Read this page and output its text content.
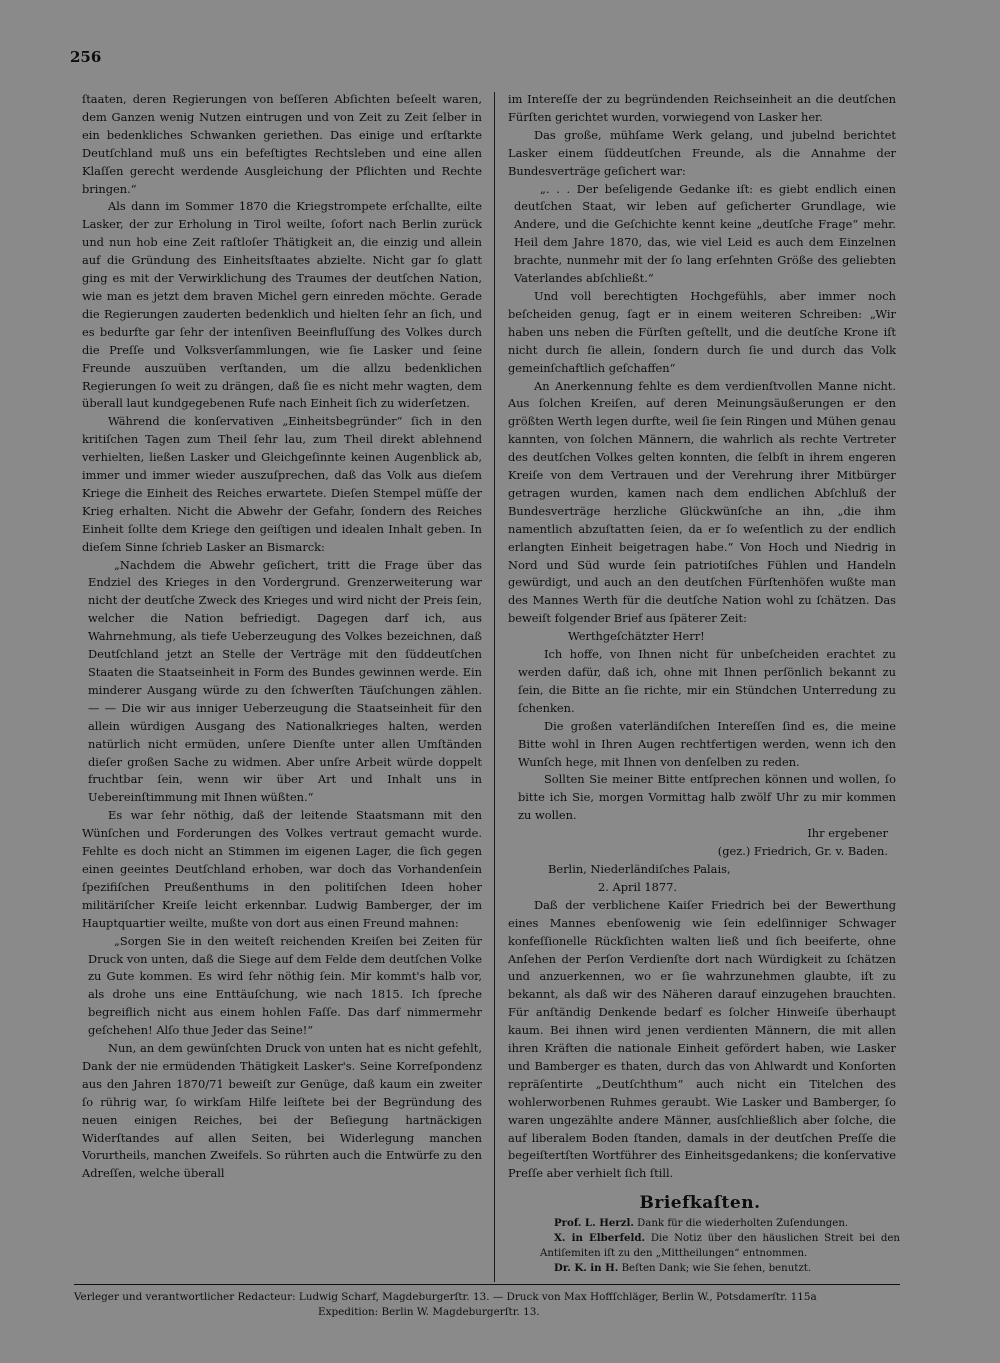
256

ſtaaten, deren Regierungen von beſſeren Abſichten beſeelt waren, dem Ganzen wenig Nutzen eintrugen und von Zeit zu Zeit ſelber in ein bedenkliches Schwanken geriethen. Das einige und erſtarkte Deutſchland muß uns ein befeſtigtes Rechtsleben und eine allen Klaſſen gerecht werdende Ausgleichung der Pflichten und Rechte bringen.“

Als dann im Sommer 1870 die Kriegstrompete erſchallte, eilte Lasker, der zur Erholung in Tirol weilte, ſofort nach Berlin zurück und nun hob eine Zeit raſtloſer Thätigkeit an, die einzig und allein auf die Gründung des Einheitsſtaates abzielte. Nicht gar ſo glatt ging es mit der Verwirklichung des Traumes der deutſchen Nation, wie man es jetzt dem braven Michel gern einreden möchte. Gerade die Regierungen zauderten bedenklich und hielten ſehr an ſich, und es bedurfte gar ſehr der intenſiven Beeinfluſſung des Volkes durch die Preſſe und Volksverſammlungen, wie ſie Lasker und ſeine Freunde auszuüben verſtanden, um die allzu bedenklichen Regierungen ſo weit zu drängen, daß ſie es nicht mehr wagten, dem überall laut kundgegebenen Rufe nach Einheit ſich zu widerſetzen.

Während die konſervativen „Einheitsbegründer“ ſich in den kritiſchen Tagen zum Theil ſehr lau, zum Theil direkt ablehnend verhielten, ließen Lasker und Gleichgeſinnte keinen Augenblick ab, immer und immer wieder auszuſprechen, daß das Volk aus dieſem Kriege die Einheit des Reiches erwartete. Dieſen Stempel müſſe der Krieg erhalten. Nicht die Abwehr der Gefahr, ſondern des Reiches Einheit ſollte dem Kriege den geiſtigen und idealen Inhalt geben. In dieſem Sinne ſchrieb Lasker an Bismarck:

„Nachdem die Abwehr geſichert, tritt die Frage über das Endziel des Krieges in den Vordergrund. Grenzerweiterung war nicht der deutſche Zweck des Krieges und wird nicht der Preis ſein, welcher die Nation befriedigt. Dagegen darf ich, aus Wahrnehmung, als tiefe Ueberzeugung des Volkes bezeichnen, daß Deutſchland jetzt an Stelle der Verträge mit den ſüddeutſchen Staaten die Staatseinheit in Form des Bundes gewinnen werde. Ein minderer Ausgang würde zu den ſchwerſten Täuſchungen zählen. — — Die wir aus inniger Ueberzeugung die Staatseinheit für den allein würdigen Ausgang des Nationalkrieges halten, werden natürlich nicht ermüden, unſere Dienſte unter allen Umſtänden dieſer großen Sache zu widmen. Aber unſre Arbeit würde doppelt fruchtbar ſein, wenn wir über Art und Inhalt uns in Uebereinſtimmung mit Ihnen wüßten.“

Es war ſehr nöthig, daß der leitende Staatsmann mit den Wünſchen und Forderungen des Volkes vertraut gemacht wurde. Fehlte es doch nicht an Stimmen im eigenen Lager, die ſich gegen einen geeintes Deutſchland erhoben, war doch das Vorhandenſein ſpezifiſchen Preußenthums in den politiſchen Ideen hoher militäriſcher Kreiſe leicht erkennbar. Ludwig Bamberger, der im Hauptquartier weilte, mußte von dort aus einen Freund mahnen:

„Sorgen Sie in den weiteſt reichenden Kreiſen bei Zeiten für Druck von unten, daß die Siege auf dem Felde dem deutſchen Volke zu Gute kommen. Es wird ſehr nöthig ſein. Mir kommt's halb vor, als drohe uns eine Enttäuſchung, wie nach 1815. Ich ſpreche begreiflich nicht aus einem hohlen Faſſe. Das darf nimmermehr geſchehen! Alſo thue Jeder das Seine!“

Nun, an dem gewünſchten Druck von unten hat es nicht gefehlt, Dank der nie ermüdenden Thätigkeit Lasker's. Seine Korreſpondenz aus den Jahren 1870/71 beweiſt zur Genüge, daß kaum ein zweiter ſo rührig war, ſo wirkſam Hilfe leiſtete bei der Begründung des neuen einigen Reiches, bei der Beſiegung hartnäckigen Widerſtandes auf allen Seiten, bei Widerlegung manchen Vorurtheils, manchen Zweifels. So rührten auch die Entwürfe zu den Adreſſen, welche überall

im Intereſſe der zu begründenden Reichseinheit an die deutſchen Fürſten gerichtet wurden, vorwiegend von Lasker her.

Das große, mühſame Werk gelang, und jubelnd berichtet Lasker einem ſüddeutſchen Freunde, als die Annahme der Bundesverträge geſichert war:

„. . . Der beſeligende Gedanke iſt: es giebt endlich einen deutſchen Staat, wir leben auf geſicherter Grundlage, wie Andere, und die Geſchichte kennt keine „deutſche Frage“ mehr. Heil dem Jahre 1870, das, wie viel Leid es auch dem Einzelnen brachte, nunmehr mit der ſo lang erſehnten Größe des geliebten Vaterlandes abſchließt.“

Und voll berechtigten Hochgefühls, aber immer noch beſcheiden genug, ſagt er in einem weiteren Schreiben: „Wir haben uns neben die Fürſten geſtellt, und die deutſche Krone iſt nicht durch ſie allein, ſondern durch ſie und durch das Volk gemeinſchaftlich geſchaffen“

An Anerkennung fehlte es dem verdienſtvollen Manne nicht. Aus ſolchen Kreiſen, auf deren Meinungsäußerungen er den größten Werth legen durfte, weil ſie ſein Ringen und Mühen genau kannten, von ſolchen Männern, die wahrlich als rechte Vertreter des deutſchen Volkes gelten konnten, die ſelbſt in ihrem engeren Kreiſe von dem Vertrauen und der Verehrung ihrer Mitbürger getragen wurden, kamen nach dem endlichen Abſchluß der Bundesverträge herzliche Glückwünſche an ihn, „die ihm namentlich abzuſtatten ſeien, da er ſo weſentlich zu der endlich erlangten Einheit beigetragen habe.“ Von Hoch und Niedrig in Nord und Süd wurde ſein patriotiſches Fühlen und Handeln gewürdigt, und auch an den deutſchen Fürſtenhöfen wußte man des Mannes Werth für die deutſche Nation wohl zu ſchätzen. Das beweiſt folgender Brief aus ſpäterer Zeit:

Werthgeſchätzter Herr!

Ich hoffe, von Ihnen nicht für unbeſcheiden erachtet zu werden dafür, daß ich, ohne mit Ihnen perſönlich bekannt zu ſein, die Bitte an ſie richte, mir ein Stündchen Unterredung zu ſchenken.

Die großen vaterländiſchen Intereſſen ſind es, die meine Bitte wohl in Ihren Augen rechtfertigen werden, wenn ich den Wunſch hege, mit Ihnen von denſelben zu reden.

Sollten Sie meiner Bitte entſprechen können und wollen, ſo bitte ich Sie, morgen Vormittag halb zwölf Uhr zu mir kommen zu wollen.

Ihr ergebener
(gez.) Friedrich, Gr. v. Baden.

Berlin, Niederländiſches Palais,

2. April 1877.

Daß der verblichene Kaiſer Friedrich bei der Bewerthung eines Mannes ebenſowenig wie ſein edelſinniger Schwager konfeſſionelle Rückſichten walten ließ und ſich beeiferte, ohne Anſehen der Perſon Verdienſte dort nach Würdigkeit zu ſchätzen und anzuerkennen, wo er ſie wahrzunehmen glaubte, iſt zu bekannt, als daß wir des Näheren darauf einzugehen brauchten. Für anſtändig Denkende bedarf es ſolcher Hinweiſe überhaupt kaum. Bei ihnen wird jenen verdienten Männern, die mit allen ihren Kräften die nationale Einheit gefördert haben, wie Lasker und Bamberger es thaten, durch das von Ahlwardt und Konſorten repräſentirte „Deutſchthum“ auch nicht ein Titelchen des wohlerworbenen Ruhmes geraubt. Wie Lasker und Bamberger, ſo waren ungezählte andere Männer, ausſchließlich aber ſolche, die auf liberalem Boden ſtanden, damals in der deutſchen Preſſe die begeiſtertſten Wortführer des Einheitsgedankens; die konſervative Preſſe aber verhielt ſich ſtill.

Briefkaſten.
Prof. L. Herzl. Dank für die wiederholten Zuſendungen.
X. in Elberfeld. Die Notiz über den häuslichen Streit bei den Antiſemiten iſt zu den „Mittheilungen“ entnommen.
Dr. K. in H. Beſten Dank; wie Sie ſehen, benutzt.
Verleger und verantwortlicher Redacteur: Ludwig Scharf, Magdeburgerſtr. 13. — Druck von Max Hoffſchläger, Berlin W., Potsdamerſtr. 115a
Expedition: Berlin W. Magdeburgerſtr. 13.
